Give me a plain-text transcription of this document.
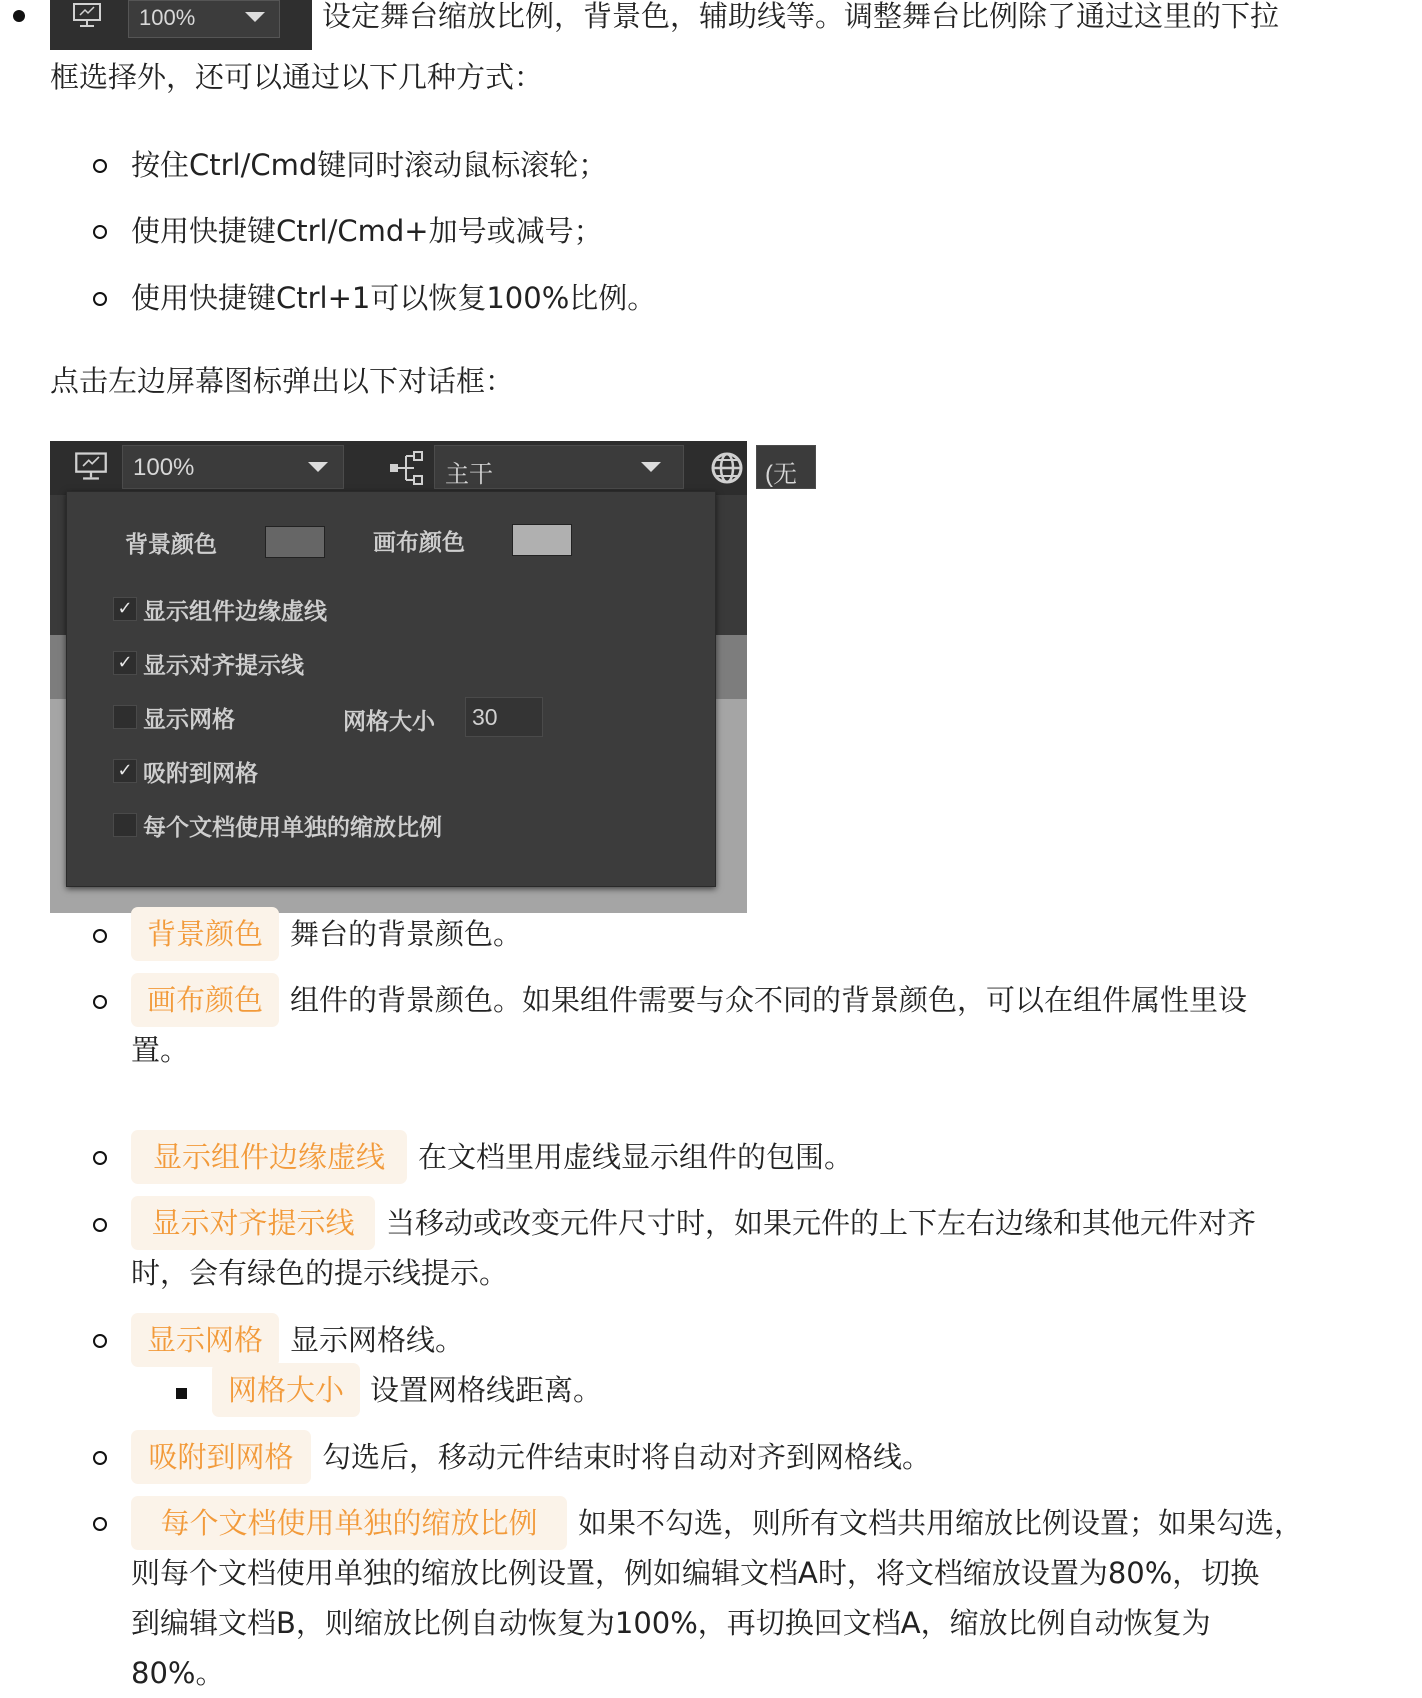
100%	设定舞台缩放比例，背景色，辅助线等。调整舞台比例除了通过这里的下拉
框选择外，还可以通过以下几种方式：
按住Ctrl/Cmd键同时滚动鼠标滚轮；
使用快捷键Ctrl/Cmd+加号或减号；
使用快捷键Ctrl+1可以恢复100%比例。
点击左边屏幕图标弹出以下对话框：
100%	主干	(无
背景颜色	画布颜色
✓ 显示组件边缘虚线
✓ 显示对齐提示线
显示网格	网格大小	30
✓ 吸附到网格
每个文档使用单独的缩放比例
背景颜色 舞台的背景颜色。
画布颜色 组件的背景颜色。如果组件需要与众不同的背景颜色，可以在组件属性里设
置。
显示组件边缘虚线	在文档里用虚线显示组件的包围。
显示对齐提示线	当移动或改变元件尺寸时，如果元件的上下左右边缘和其他元件对齐
时，会有绿色的提示线提示。
显示网格 显示网格线。
网格大小 设置网格线距离。
吸附到网格 勾选后，移动元件结束时将自动对齐到网格线。
每个文档使用单独的缩放比例	如果不勾选，则所有文档共用缩放比例设置；如果勾选，
则每个文档使用单独的缩放比例设置，例如编辑文档A时，将文档缩放设置为80%，切换
到编辑文档B，则缩放比例自动恢复为100%，再切换回文档A，缩放比例自动恢复为
80%。
